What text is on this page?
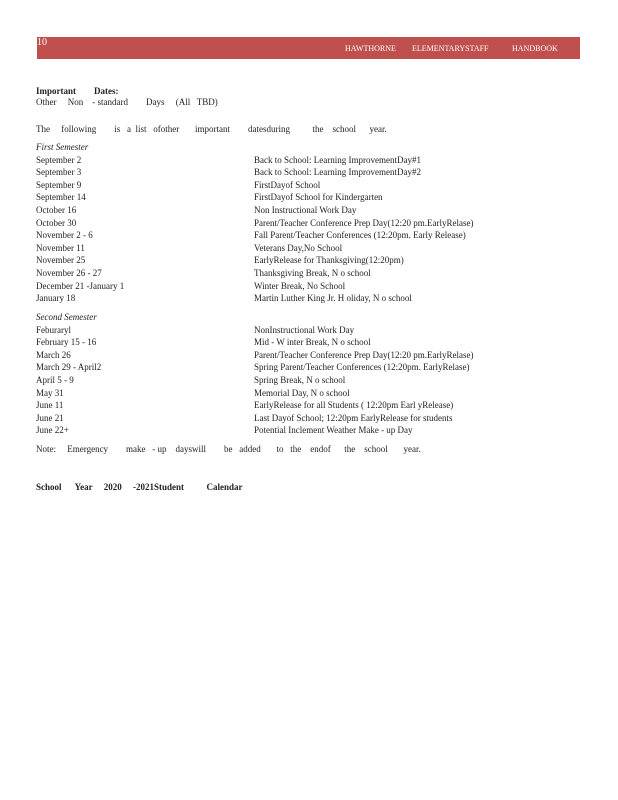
10
HAWTHORNE ELEMENTARYSTAFF	HANDBOOK
Important        Dates:
Other     Non    - standard        Days     (All   TBD)
The     following        is   a  list   ofother       important        datesduring          the    school      year.
First Semester
September 2	Back to School: Learning ImprovementDay#1
September 3	Back to School: Learning ImprovementDay#2
September 9	FirstDayof School
September 14	FirstDayof School for Kindergarten
October 16	Non Instructional Work Day
October 30	Parent/Teacher Conference Prep Day(12:20 pm.EarlyRelase)
November 2 - 6	Fall Parent/Teacher Conferences (12:20pm. Early Release)
November 11	Veterans Day,No School
November 25	EarlyRelease for Thanksgiving(12:20pm)
November 26 - 27	Thanksgiving Break, N o school
December 21 -January 1	Winter Break, No School
January 18	Martin Luther King Jr. H oliday, N o school
Second Semester
Feburaryl	NonInstructional Work Day
February 15 - 16	Mid - W inter Break, N o school
March 26	Parent/Teacher Conference Prep Day(12:20 pm.EarlyRelase)
March 29 - April2	Spring Parent/Teacher Conferences (12:20pm. EarlyRelase)
April 5 - 9	Spring Break, N o school
May 31	Memorial Day, N o school
June 11	EarlyRelease for all Students ( 12:20pm Earl yRelease)
June 21	Last Dayof School; 12:20pm EarlyRelease for students
June 22+	Potential Inclement Weather Make - up Day
Note:     Emergency        make   - up    dayswill        be   added       to   the    endof      the    school       year.
School      Year     2020     -2021Student          Calendar
